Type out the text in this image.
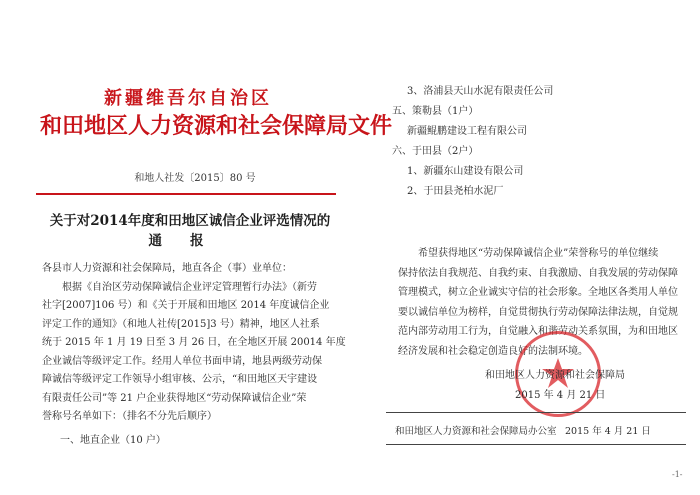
新疆维吾尔自治区
和田地区人力资源和社会保障局文件
和地人社发〔2015〕80 号
关于对2014年度和田地区诚信企业评选情况的
通报

各县市人力资源和社会保障局，地直各企（事）业单位：

根据《自治区劳动保障诚信企业评定管理暂行办法》（新劳

社字[2007]106 号）和《关于开展和田地区 2014 年度诚信企业

评定工作的通知》（和地人社传[2015]3 号）精神，地区人社系

统于 2015 年 1 月 19 日至 3 月 26 日，在全地区开展 20014 年度

企业诚信等级评定工作。经用人单位书面申请，地县两级劳动保

障诚信等级评定工作领导小组审核、公示，“和田地区天宇建设

有限责任公司”等 21 户企业获得地区“劳动保障诚信企业”荣

誉称号名单如下：（排名不分先后顺序）

一、地直企业（10 户）

3、洛浦县天山水泥有限责任公司

五、策勒县（1户）

新疆鲲鹏建设工程有限公司

六、于田县（2户）

1、新疆东山建设有限公司

2、于田县尧柏水泥厂

希望获得地区“劳动保障诚信企业”荣誉称号的单位继续

保持依法自我规范、自我约束、自我激励、自我发展的劳动保障

管理模式，树立企业诚实守信的社会形象。全地区各类用人单位

要以诚信单位为榜样，自觉贯彻执行劳动保障法律法规，自觉规

范内部劳动用工行为，自觉融入和谐劳动关系氛围，为和田地区

经济发展和社会稳定创造良好的法制环境。

和田地区人力资源和社会保障局
2015 年 4 月 21 日
和田地区人力资源和社会保障局办公室 2015 年 4 月 21 日
-1-
